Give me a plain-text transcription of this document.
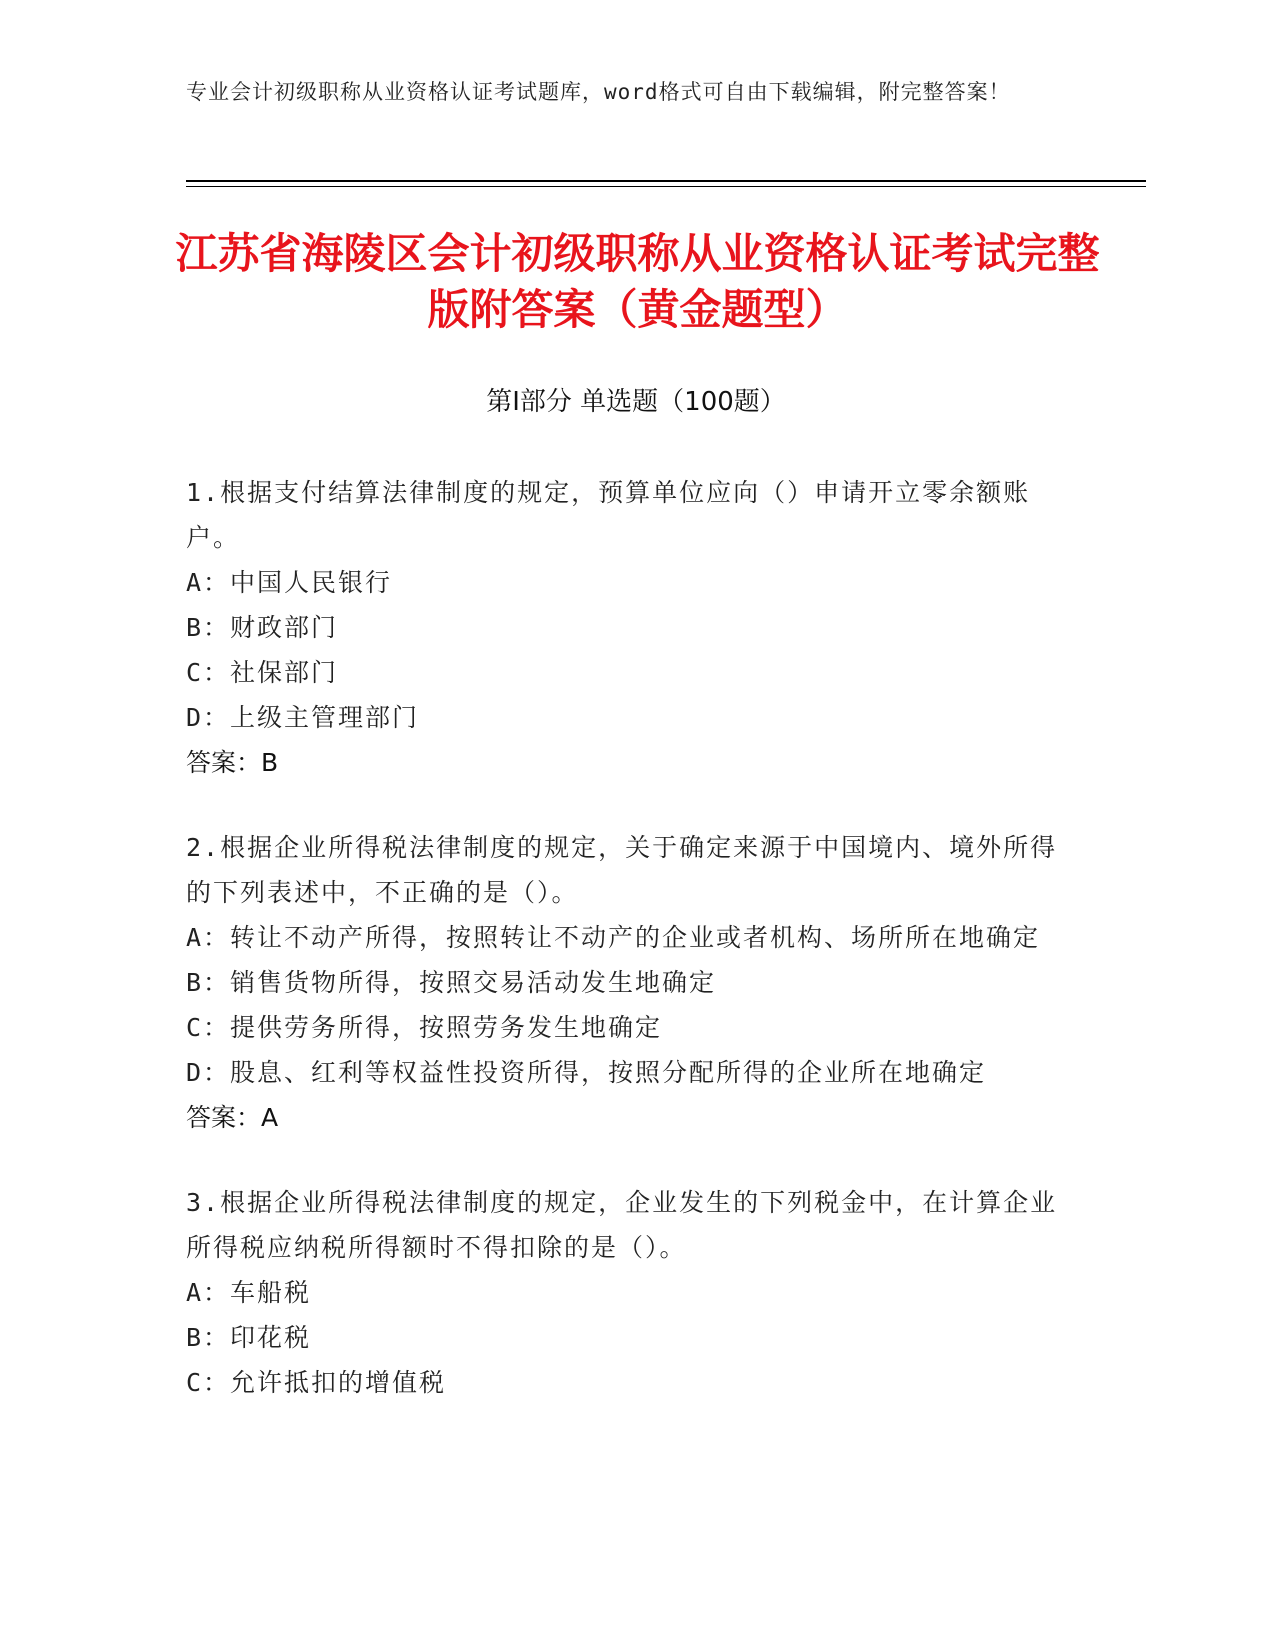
专业会计初级职称从业资格认证考试题库，word格式可自由下载编辑，附完整答案！
江苏省海陵区会计初级职称从业资格认证考试完整版附答案（黄金题型）
第Ⅰ部分 单选题（100题）
1.根据支付结算法律制度的规定，预算单位应向（）申请开立零余额账户。
A：中国人民银行
B：财政部门
C：社保部门
D：上级主管理部门
答案：B
2.根据企业所得税法律制度的规定，关于确定来源于中国境内、境外所得的下列表述中，不正确的是（）。
A：转让不动产所得，按照转让不动产的企业或者机构、场所所在地确定
B：销售货物所得，按照交易活动发生地确定
C：提供劳务所得，按照劳务发生地确定
D：股息、红利等权益性投资所得，按照分配所得的企业所在地确定
答案：A
3.根据企业所得税法律制度的规定，企业发生的下列税金中，在计算企业所得税应纳税所得额时不得扣除的是（）。
A：车船税
B：印花税
C：允许抵扣的增值税
